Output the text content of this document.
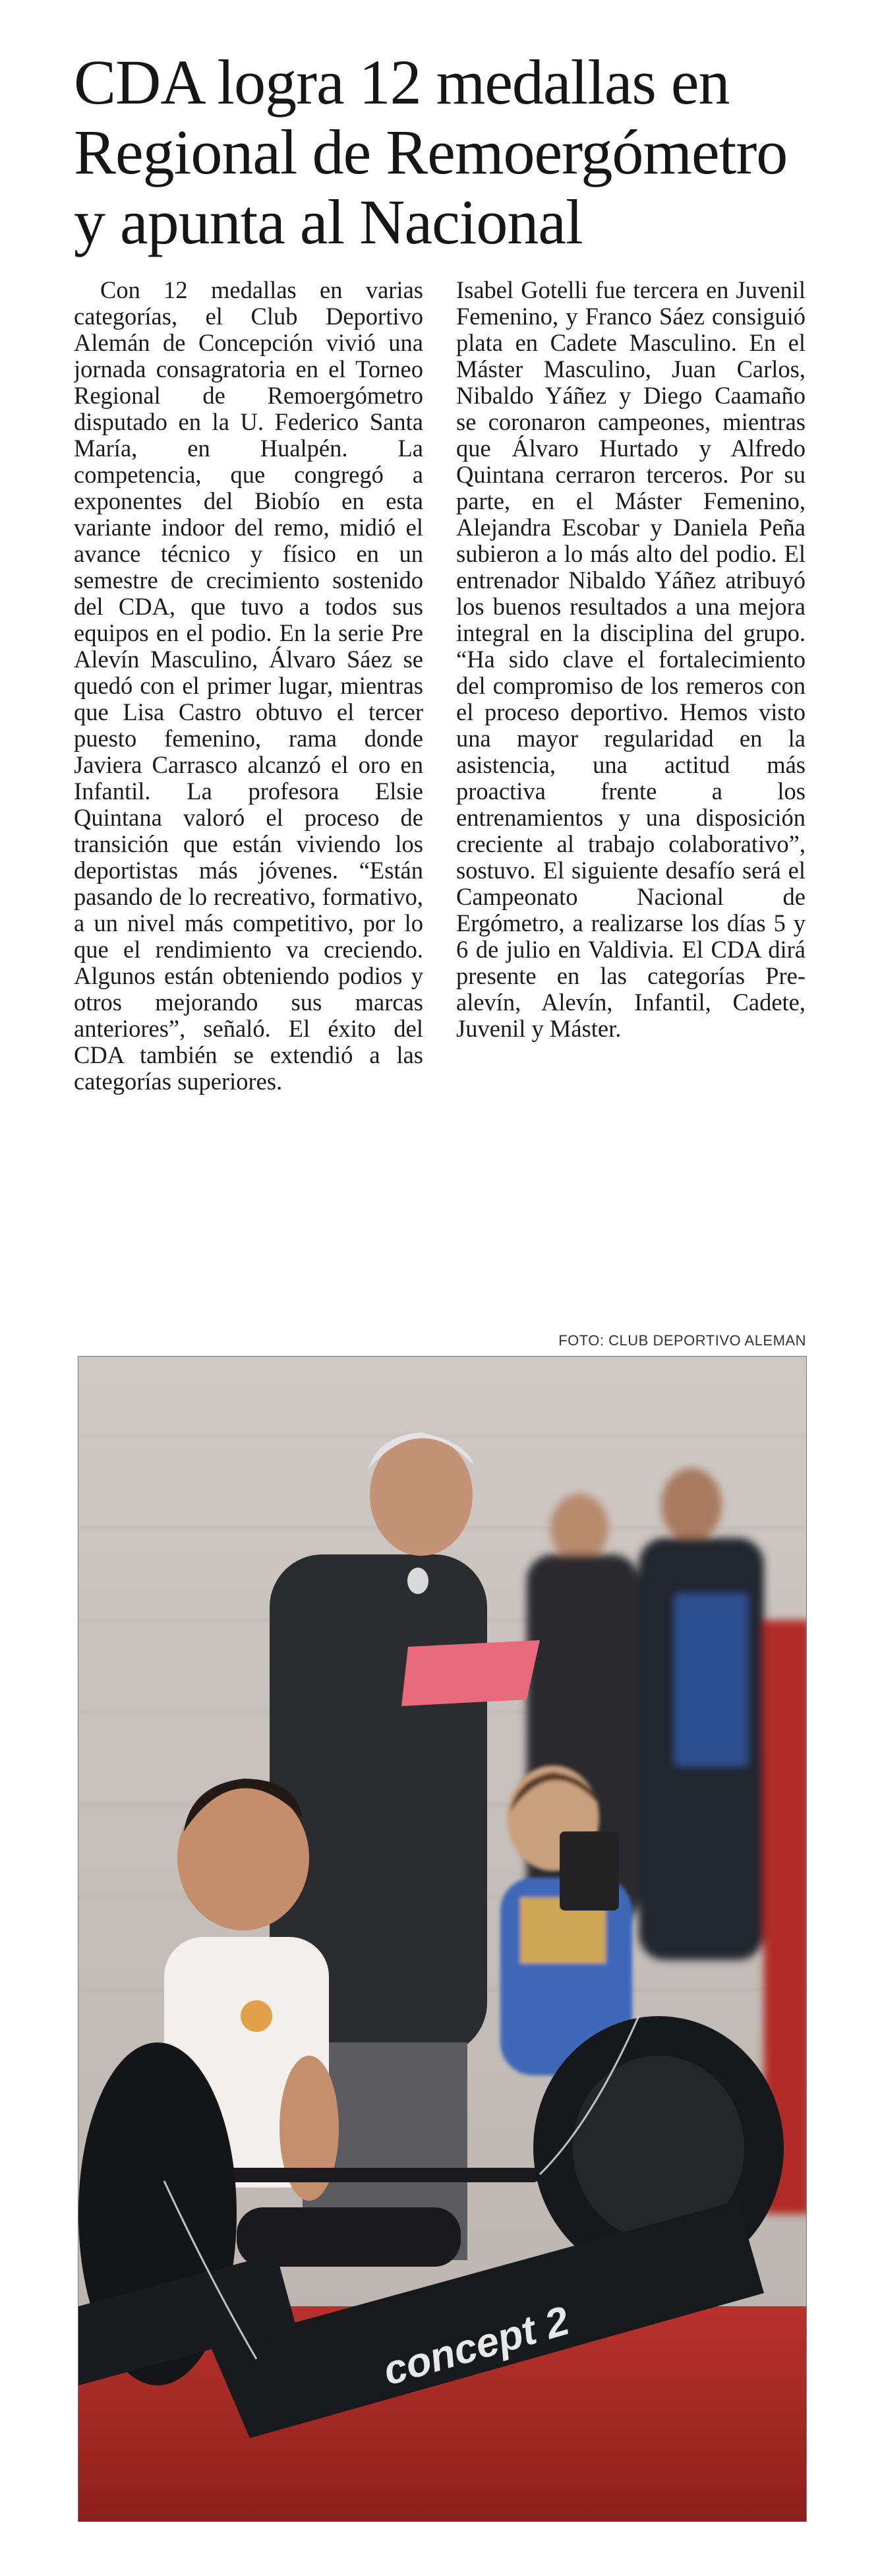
CDA logra 12 medallas en Regional de Remoergómetro y apunta al Nacional

Con 12 medallas en varias categorías, el Club Deportivo Alemán de Concepción vivió una jornada consagratoria en el Torneo Regional de Remoergómetro disputado en la U. Federico Santa María, en Hualpén. La competencia, que congregó a exponentes del Biobío en esta variante indoor del remo, midió el avance técnico y físico en un semestre de crecimiento sostenido del CDA, que tuvo a todos sus equipos en el podio. En la serie Pre Alevín Masculino, Álvaro Sáez se quedó con el primer lugar, mientras que Lisa Castro obtuvo el tercer puesto femenino, rama donde Javiera Carrasco alcanzó el oro en Infantil. La profesora Elsie Quintana valoró el proceso de transición que están viviendo los deportistas más jóvenes. “Están pasando de lo recreativo, formativo, a un nivel más competitivo, por lo que el rendimiento va creciendo. Algunos están obteniendo podios y otros mejorando sus marcas anteriores”, señaló. El éxito del CDA también se extendió a las categorías superiores.

Isabel Gotelli fue tercera en Juvenil Femenino, y Franco Sáez consiguió plata en Cadete Masculino. En el Máster Masculino, Juan Carlos, Nibaldo Yáñez y Diego Caamaño se coronaron campeones, mientras que Álvaro Hurtado y Alfredo Quintana cerraron terceros. Por su parte, en el Máster Femenino, Alejandra Escobar y Daniela Peña subieron a lo más alto del podio. El entrenador Nibaldo Yáñez atribuyó los buenos resultados a una mejora integral en la disciplina del grupo. “Ha sido clave el fortalecimiento del compromiso de los remeros con el proceso deportivo. Hemos visto una mayor regularidad en la asistencia, una actitud más proactiva frente a los entrenamientos y una disposición creciente al trabajo colaborativo”, sostuvo. El siguiente desafío será el Campeonato Nacional de Ergómetro, a realizarse los días 5 y 6 de julio en Valdivia. El CDA dirá presente en las categorías Pre-alevín, Alevín, Infantil, Cadete, Juvenil y Máster.

FOTO: CLUB DEPORTIVO ALEMAN
concept 2
